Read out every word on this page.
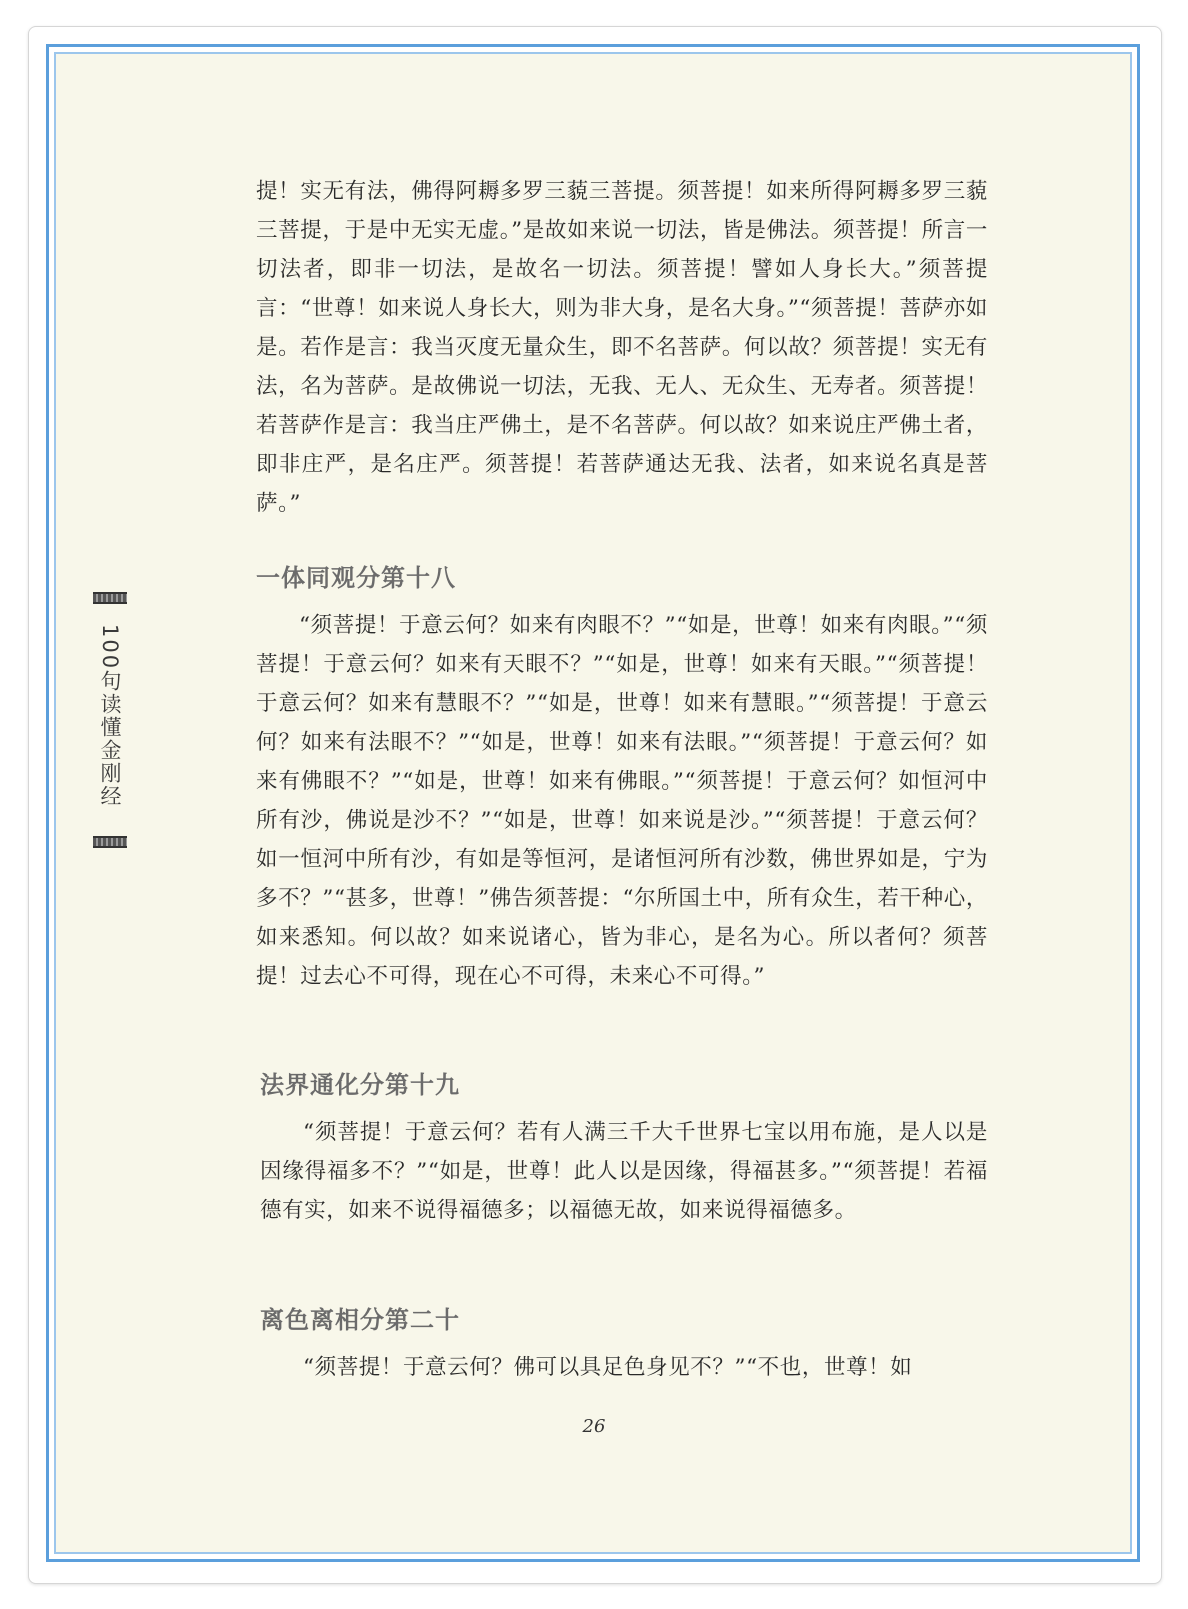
100句读懂金刚经

提！实无有法，佛得阿耨多罗三藐三菩提。须菩提！如来所得阿耨多罗三藐三菩提，于是中无实无虚。”是故如来说一切法，皆是佛法。须菩提！所言一切法者，即非一切法，是故名一切法。须菩提！譬如人身长大。”须菩提言：“世尊！如来说人身长大，则为非大身，是名大身。”“须菩提！菩萨亦如是。若作是言：我当灭度无量众生，即不名菩萨。何以故？须菩提！实无有法，名为菩萨。是故佛说一切法，无我、无人、无众生、无寿者。须菩提！若菩萨作是言：我当庄严佛土，是不名菩萨。何以故？如来说庄严佛土者，即非庄严，是名庄严。须菩提！若菩萨通达无我、法者，如来说名真是菩萨。”

一体同观分第十八

“须菩提！于意云何？如来有肉眼不？”“如是，世尊！如来有肉眼。”“须菩提！于意云何？如来有天眼不？”“如是，世尊！如来有天眼。”“须菩提！于意云何？如来有慧眼不？”“如是，世尊！如来有慧眼。”“须菩提！于意云何？如来有法眼不？”“如是，世尊！如来有法眼。”“须菩提！于意云何？如来有佛眼不？”“如是，世尊！如来有佛眼。”“须菩提！于意云何？如恒河中所有沙，佛说是沙不？”“如是，世尊！如来说是沙。”“须菩提！于意云何？如一恒河中所有沙，有如是等恒河，是诸恒河所有沙数，佛世界如是，宁为多不？”“甚多，世尊！”佛告须菩提：“尔所国土中，所有众生，若干种心，如来悉知。何以故？如来说诸心，皆为非心，是名为心。所以者何？须菩提！过去心不可得，现在心不可得，未来心不可得。”

法界通化分第十九

“须菩提！于意云何？若有人满三千大千世界七宝以用布施，是人以是因缘得福多不？”“如是，世尊！此人以是因缘，得福甚多。”“须菩提！若福德有实，如来不说得福德多；以福德无故，如来说得福德多。

离色离相分第二十

“须菩提！于意云何？佛可以具足色身见不？”“不也，世尊！如

26
